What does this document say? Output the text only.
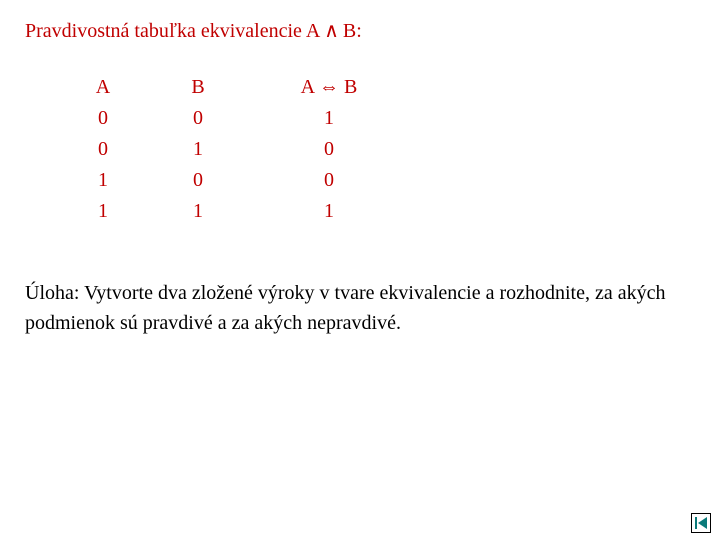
Pravdivostná tabuľka ekvivalencie A ∧ B:
A	B	A ⇔ B
0	0	1
0	1	0
1	0	0
1	1	1
Úloha: Vytvorte dva zložené výroky v tvare ekvivalencie a rozhodnite, za akých podmienok sú pravdivé a za akých nepravdivé.
